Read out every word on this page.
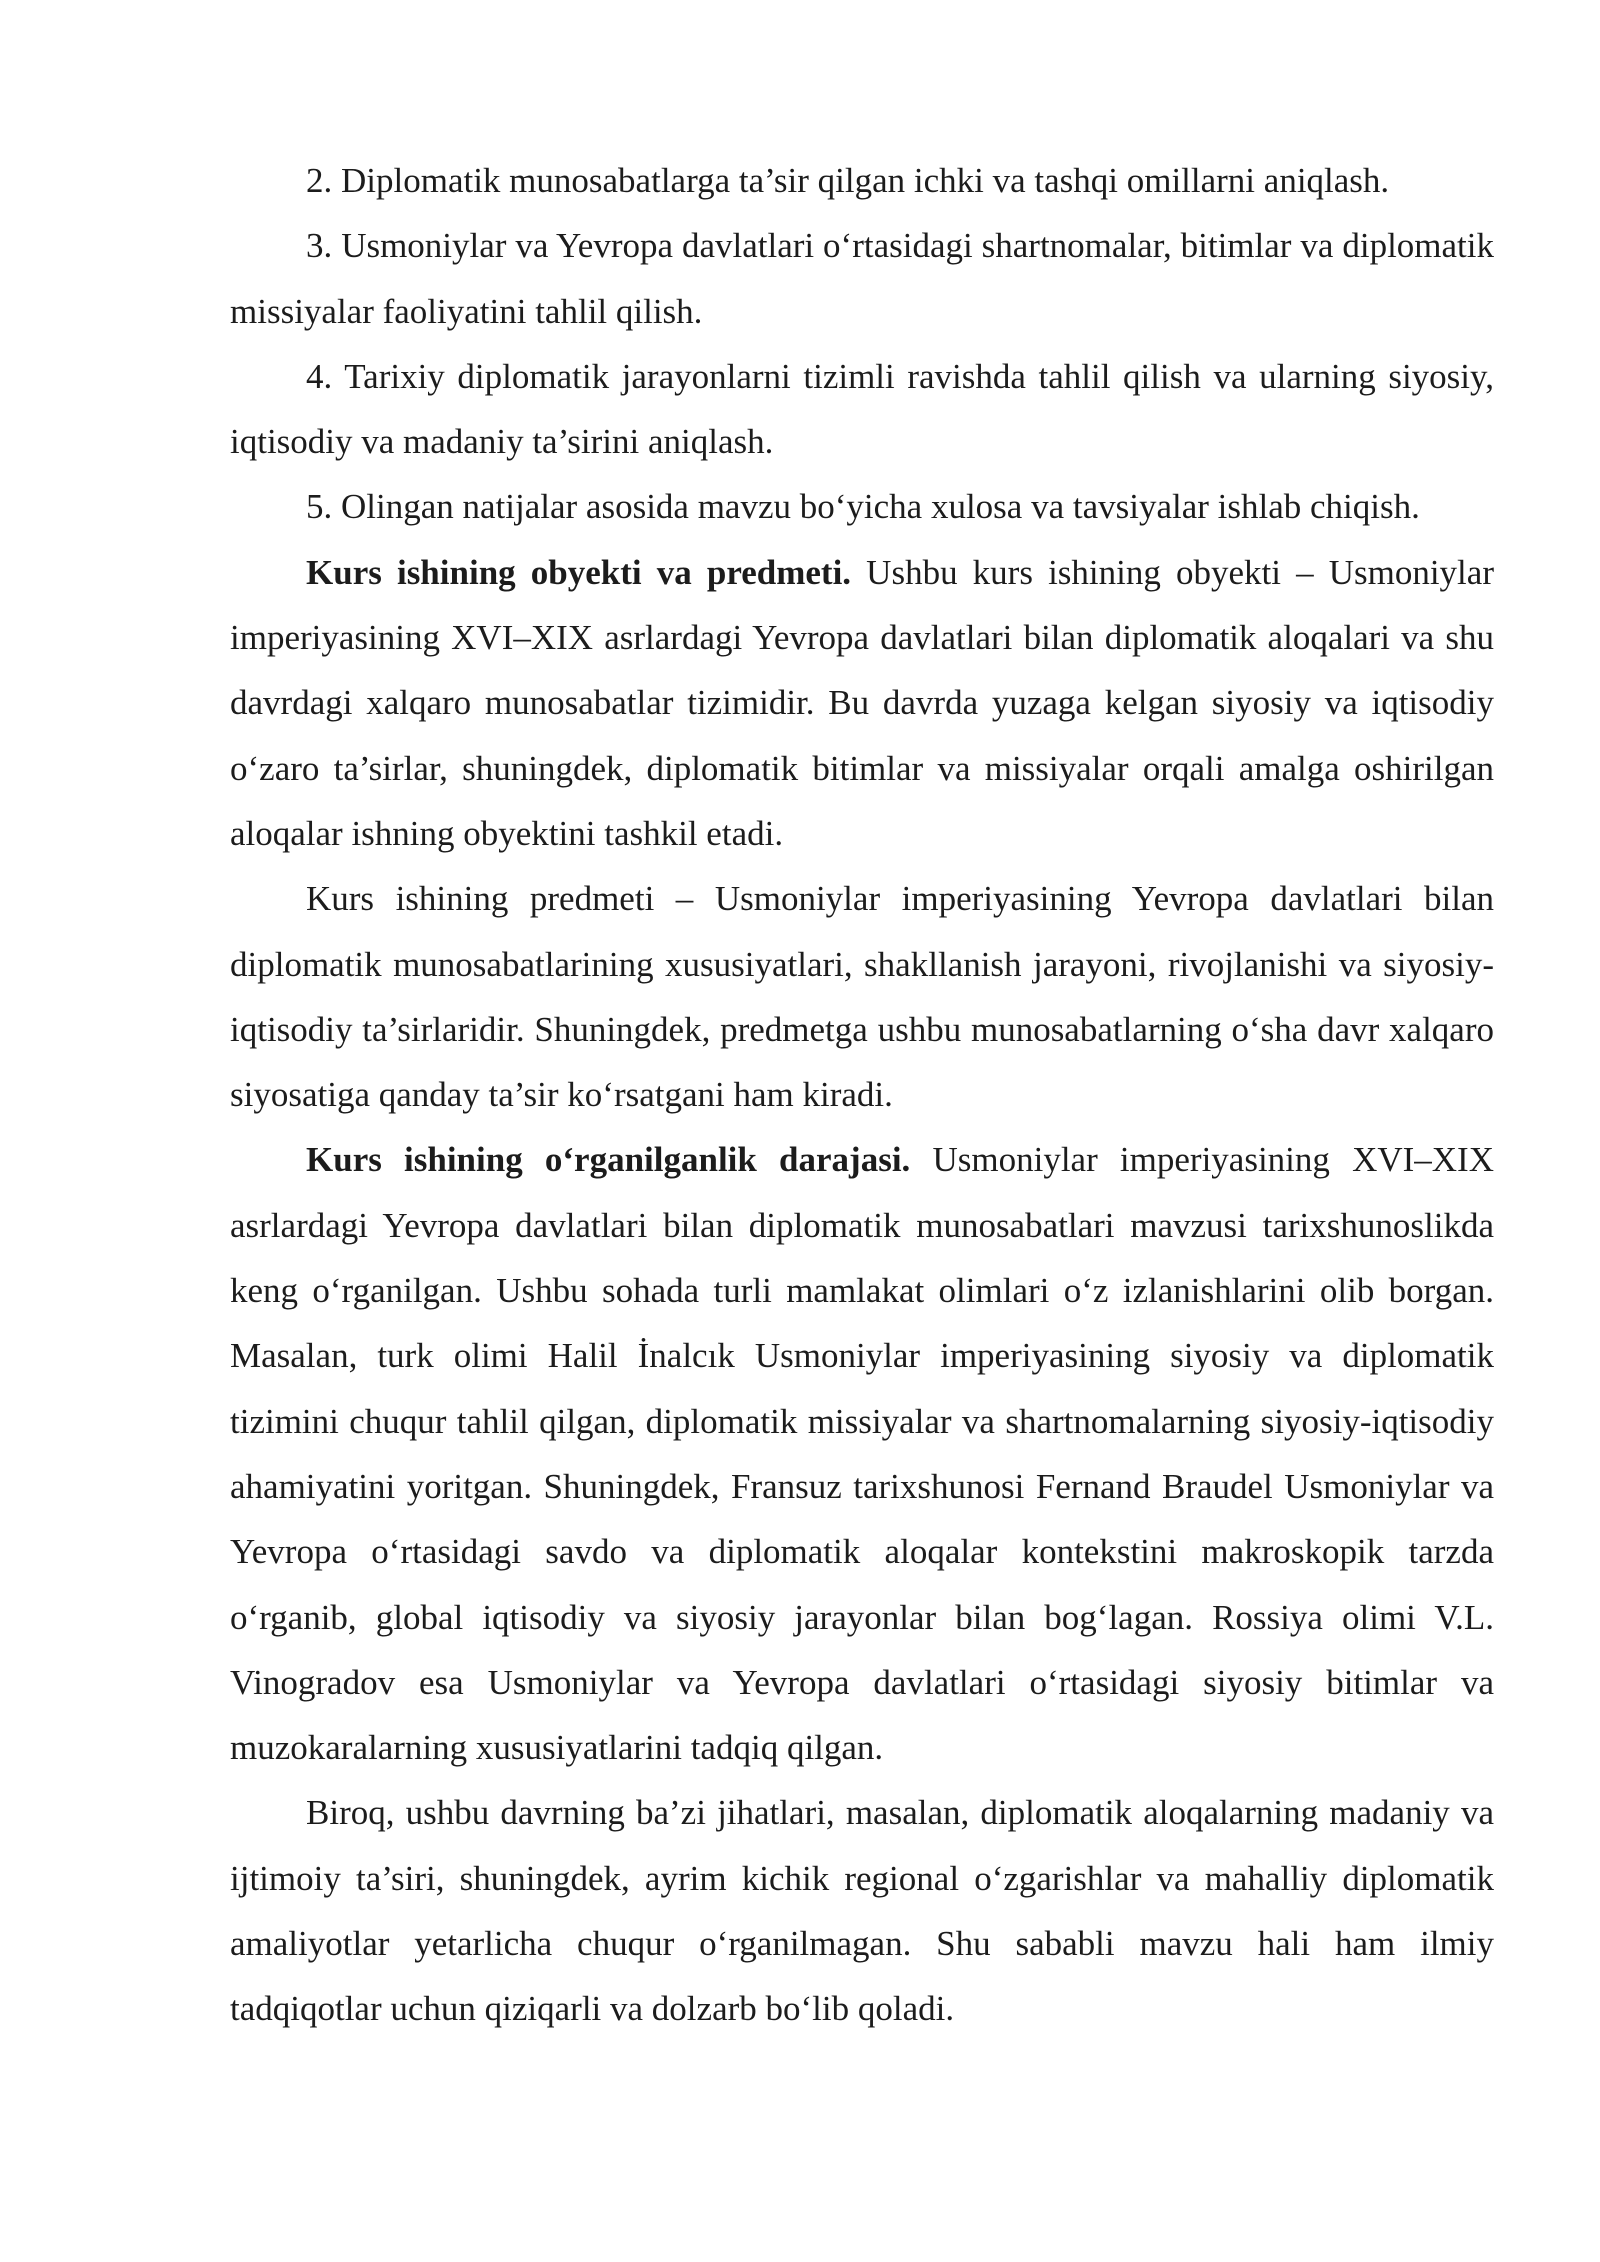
2. Diplomatik munosabatlarga ta’sir qilgan ichki va tashqi omillarni aniqlash.

3. Usmoniylar va Yevropa davlatlari o‘rtasidagi shartnomalar, bitimlar va diplomatik missiyalar faoliyatini tahlil qilish.

4. Tarixiy diplomatik jarayonlarni tizimli ravishda tahlil qilish va ularning siyosiy, iqtisodiy va madaniy ta’sirini aniqlash.

5. Olingan natijalar asosida mavzu bo‘yicha xulosa va tavsiyalar ishlab chiqish.

Kurs ishining obyekti va predmeti. Ushbu kurs ishining obyekti – Usmoniylar imperiyasining XVI–XIX asrlardagi Yevropa davlatlari bilan diplomatik aloqalari va shu davrdagi xalqaro munosabatlar tizimidir. Bu davrda yuzaga kelgan siyosiy va iqtisodiy o‘zaro ta’sirlar, shuningdek, diplomatik bitimlar va missiyalar orqali amalga oshirilgan aloqalar ishning obyektini tashkil etadi.

Kurs ishining predmeti – Usmoniylar imperiyasining Yevropa davlatlari bilan diplomatik munosabatlarining xususiyatlari, shakllanish jarayoni, rivojlanishi va siyosiy-iqtisodiy ta’sirlaridir. Shuningdek, predmetga ushbu munosabatlarning o‘sha davr xalqaro siyosatiga qanday ta’sir ko‘rsatgani ham kiradi.

Kurs ishining o‘rganilganlik darajasi. Usmoniylar imperiyasining XVI–XIX asrlardagi Yevropa davlatlari bilan diplomatik munosabatlari mavzusi tarixshunoslikda keng o‘rganilgan. Ushbu sohada turli mamlakat olimlari o‘z izlanishlarini olib borgan. Masalan, turk olimi Halil İnalcık Usmoniylar imperiyasining siyosiy va diplomatik tizimini chuqur tahlil qilgan, diplomatik missiyalar va shartnomalarning siyosiy-iqtisodiy ahamiyatini yoritgan. Shuningdek, Fransuz tarixshunosi Fernand Braudel Usmoniylar va Yevropa o‘rtasidagi savdo va diplomatik aloqalar kontekstini makroskopik tarzda o‘rganib, global iqtisodiy va siyosiy jarayonlar bilan bog‘lagan. Rossiya olimi V.L. Vinogradov esa Usmoniylar va Yevropa davlatlari o‘rtasidagi siyosiy bitimlar va muzokaralarning xususiyatlarini tadqiq qilgan.

Biroq, ushbu davrning ba’zi jihatlari, masalan, diplomatik aloqalarning madaniy va ijtimoiy ta’siri, shuningdek, ayrim kichik regional o‘zgarishlar va mahalliy diplomatik amaliyotlar yetarlicha chuqur o‘rganilmagan. Shu sababli mavzu hali ham ilmiy tadqiqotlar uchun qiziqarli va dolzarb bo‘lib qoladi.
